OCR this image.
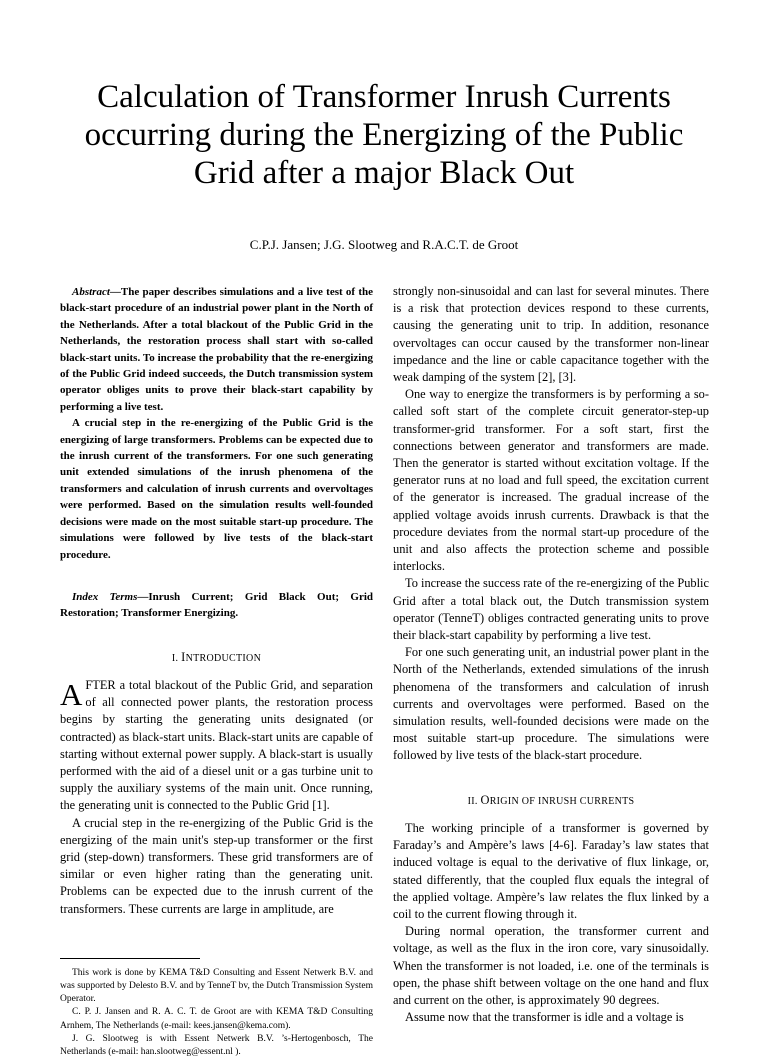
Calculation of Transformer Inrush Currents occurring during the Energizing of the Public Grid after a major Black Out
C.P.J. Jansen; J.G. Slootweg and R.A.C.T. de Groot

Abstract—The paper describes simulations and a live test of the black-start procedure of an industrial power plant in the North of the Netherlands. After a total blackout of the Public Grid in the Netherlands, the restoration process shall start with so-called black-start units. To increase the probability that the re-energizing of the Public Grid indeed succeeds, the Dutch transmission system operator obliges units to prove their black-start capability by performing a live test.

A crucial step in the re-energizing of the Public Grid is the energizing of large transformers. Problems can be expected due to the inrush current of the transformers. For one such generating unit extended simulations of the inrush phenomena of the transformers and calculation of inrush currents and overvoltages were performed. Based on the simulation results well-founded decisions were made on the most suitable start-up procedure. The simulations were followed by live tests of the black-start procedure.

Index Terms—Inrush Current; Grid Black Out; Grid Restoration; Transformer Energizing.

I. INTRODUCTION

AFTER a total blackout of the Public Grid, and separation of all connected power plants, the restoration process begins by starting the generating units designated (or contracted) as black-start units. Black-start units are capable of starting without external power supply. A black-start is usually performed with the aid of a diesel unit or a gas turbine unit to supply the auxiliary systems of the main unit. Once running, the generating unit is connected to the Public Grid [1].

A crucial step in the re-energizing of the Public Grid is the energizing of the main unit's step-up transformer or the first grid (step-down) transformers. These grid transformers are of similar or even higher rating than the generating unit. Problems can be expected due to the inrush current of the transformers. These currents are large in amplitude, are

This work is done by KEMA T&D Consulting and Essent Netwerk B.V. and was supported by Delesto B.V. and by TenneT bv, the Dutch Transmission System Operator.

C. P. J. Jansen and R. A. C. T. de Groot are with KEMA T&D Consulting Arnhem, The Netherlands (e-mail: kees.jansen@kema.com).

J. G. Slootweg is with Essent Netwerk B.V. ’s-Hertogenbosch, The Netherlands (e-mail: han.slootweg@essent.nl ).

strongly non-sinusoidal and can last for several minutes. There is a risk that protection devices respond to these currents, causing the generating unit to trip. In addition, resonance overvoltages can occur caused by the transformer non-linear impedance and the line or cable capacitance together with the weak damping of the system [2], [3].

One way to energize the transformers is by performing a so-called soft start of the complete circuit generator-step-up transformer-grid transformer. For a soft start, first the connections between generator and transformers are made. Then the generator is started without excitation voltage. If the generator runs at no load and full speed, the excitation current of the generator is increased. The gradual increase of the applied voltage avoids inrush currents. Drawback is that the procedure deviates from the normal start-up procedure of the unit and also affects the protection scheme and possible interlocks.

To increase the success rate of the re-energizing of the Public Grid after a total black out, the Dutch transmission system operator (TenneT) obliges contracted generating units to prove their black-start capability by performing a live test.

For one such generating unit, an industrial power plant in the North of the Netherlands, extended simulations of the inrush phenomena of the transformers and calculation of inrush currents and overvoltages were performed. Based on the simulation results, well-founded decisions were made on the most suitable start-up procedure. The simulations were followed by live tests of the black-start procedure.

II. ORIGIN OF INRUSH CURRENTS

The working principle of a transformer is governed by Faraday’s and Ampère’s laws [4-6]. Faraday’s law states that induced voltage is equal to the derivative of flux linkage, or, stated differently, that the coupled flux equals the integral of the applied voltage. Ampère’s law relates the flux linked by a coil to the current flowing through it.

During normal operation, the transformer current and voltage, as well as the flux in the iron core, vary sinusoidally. When the transformer is not loaded, i.e. one of the terminals is open, the phase shift between voltage on the one hand and flux and current on the other, is approximately 90 degrees.

Assume now that the transformer is idle and a voltage is
